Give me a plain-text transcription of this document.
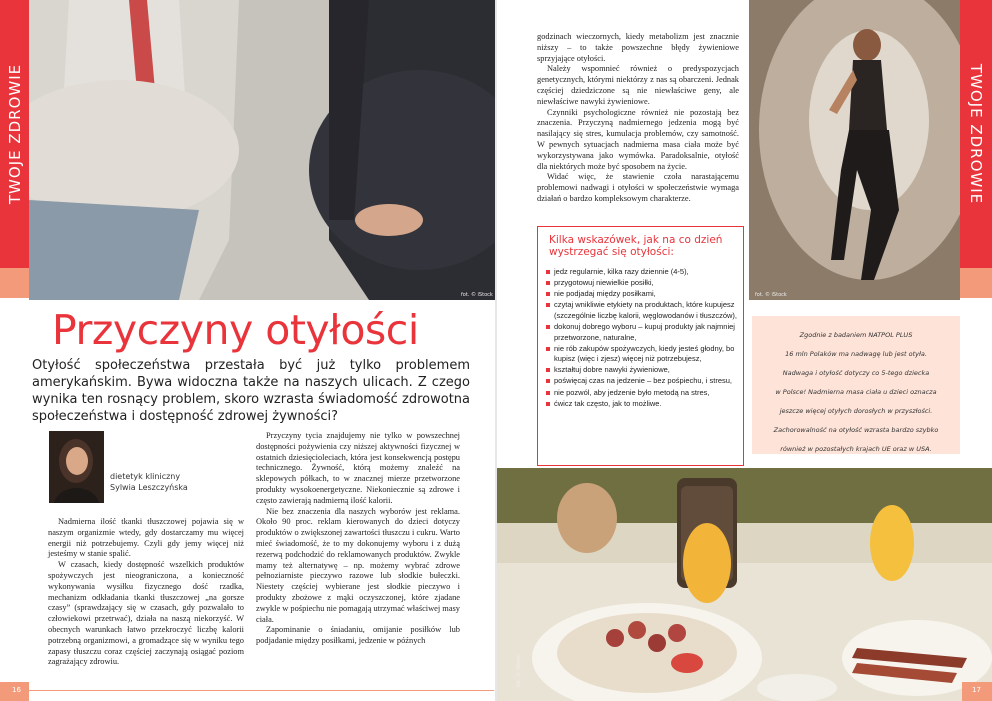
TWOJE ZDROWIE
fot. © iStock
Przyczyny otyłości
Otyłość społeczeństwa przestała być już tylko problemem amerykańskim. Bywa widoczna także na naszych ulicach. Z czego wynika ten rosnący problem, skoro wzrasta świadomość zdrowotna społeczeństwa i dostępność zdrowej żywności?
dietetyk kliniczny
Sylwia Leszczyńska

Nadmierna ilość tkanki tłuszczowej pojawia się w naszym organizmie wtedy, gdy dostarczamy mu więcej energii niż potrzebujemy. Czyli gdy jemy więcej niż jesteśmy w stanie spalić.

W czasach, kiedy dostępność wszelkich produktów spożywczych jest nieograniczona, a konieczność wykonywania wysiłku fizycznego dość rzadka, mechanizm odkładania tkanki tłuszczowej „na gorsze czasy” (sprawdzający się w czasach, gdy pozwalało to człowiekowi przetrwać), działa na naszą niekorzyść. W obecnych warunkach łatwo przekroczyć liczbę kalorii potrzebną organizmowi, a gromadzące się w wyniku tego zapasy tłuszczu coraz częściej zaczynają osiągać poziom zagrażający zdrowiu.

Przyczyny tycia znajdujemy nie tylko w powszechnej dostępności pożywienia czy niższej aktywności fizycznej w ostatnich dziesięcioleciach, która jest konsekwencją postępu technicznego. Żywność, którą możemy znaleźć na sklepowych półkach, to w znacznej mierze przetworzone produkty wysokoenergetyczne. Niekoniecznie są zdrowe i często zawierają nadmierną ilość kalorii.

Nie bez znaczenia dla naszych wyborów jest reklama. Około 90 proc. reklam kierowanych do dzieci dotyczy produktów o zwiększonej zawartości tłuszczu i cukru. Warto mieć świadomość, że to my dokonujemy wyboru i z dużą rezerwą podchodzić do reklamowanych produktów. Zwykle mamy też alternatywę – np. możemy wybrać zdrowe pełnoziarniste pieczywo razowe lub słodkie bułeczki. Niestety częściej wybierane jest słodkie pieczywo i produkty zbożowe z mąki oczyszczonej, które zjadane zwykle w pośpiechu nie pomagają utrzymać właściwej masy ciała.

Zapominanie o śniadaniu, omijanie posiłków lub podjadanie między posiłkami, jedzenie w późnych

16

godzinach wieczornych, kiedy metabolizm jest znacznie niższy – to także powszechne błędy żywieniowe sprzyjające otyłości.

Należy wspomnieć również o predyspozycjach genetycznych, którymi niektórzy z nas są obarczeni. Jednak częściej dziedziczone są nie niewłaściwe geny, ale niewłaściwe nawyki żywieniowe.

Czynniki psychologiczne również nie pozostają bez znaczenia. Przyczyną nadmiernego jedzenia mogą być nasilający się stres, kumulacja problemów, czy samotność. W pewnych sytuacjach nadmierna masa ciała może być wykorzystywana jako wymówka. Paradoksalnie, otyłość dla niektórych może być sposobem na życie.

Widać więc, że stawienie czoła narastającemu problemowi nadwagi i otyłości w społeczeństwie wymaga działań o bardzo kompleksowym charakterze.

Kilka wskazówek, jak na co dzień wystrzegać się otyłości:
jedz regularnie, kilka razy dziennie (4-5),
przygotowuj niewielkie posiłki,
nie podjadaj między posiłkami,
czytaj wnikliwie etykiety na produktach, które kupujesz (szczególnie liczbę kalorii, węglowodanów i tłuszczów),
dokonuj dobrego wyboru – kupuj produkty jak najmniej przetworzone, naturalne,
nie rób zakupów spożywczych, kiedy jesteś głodny, bo kupisz (więc i zjesz) więcej niż potrzebujesz,
kształtuj dobre nawyki żywieniowe,
poświęcaj czas na jedzenie – bez pośpiechu, i stresu,
nie pozwól, aby jedzenie było metodą na stres,
ćwicz tak często, jak to możliwe.
fot. © iStock
TWOJE ZDROWIE
Zgodnie z badaniem NATPOL PLUS
16 mln Polaków ma nadwagę lub jest otyła.
Nadwaga i otyłość dotyczy co 5-tego dziecka
w Polsce! Nadmierna masa ciała u dzieci oznacza
jeszcze więcej otyłych dorosłych w przyszłości.
Zachorowalność na otyłość wzrasta bardzo szybko
również w pozostałych krajach UE oraz w USA.
fot. © iStock
17
